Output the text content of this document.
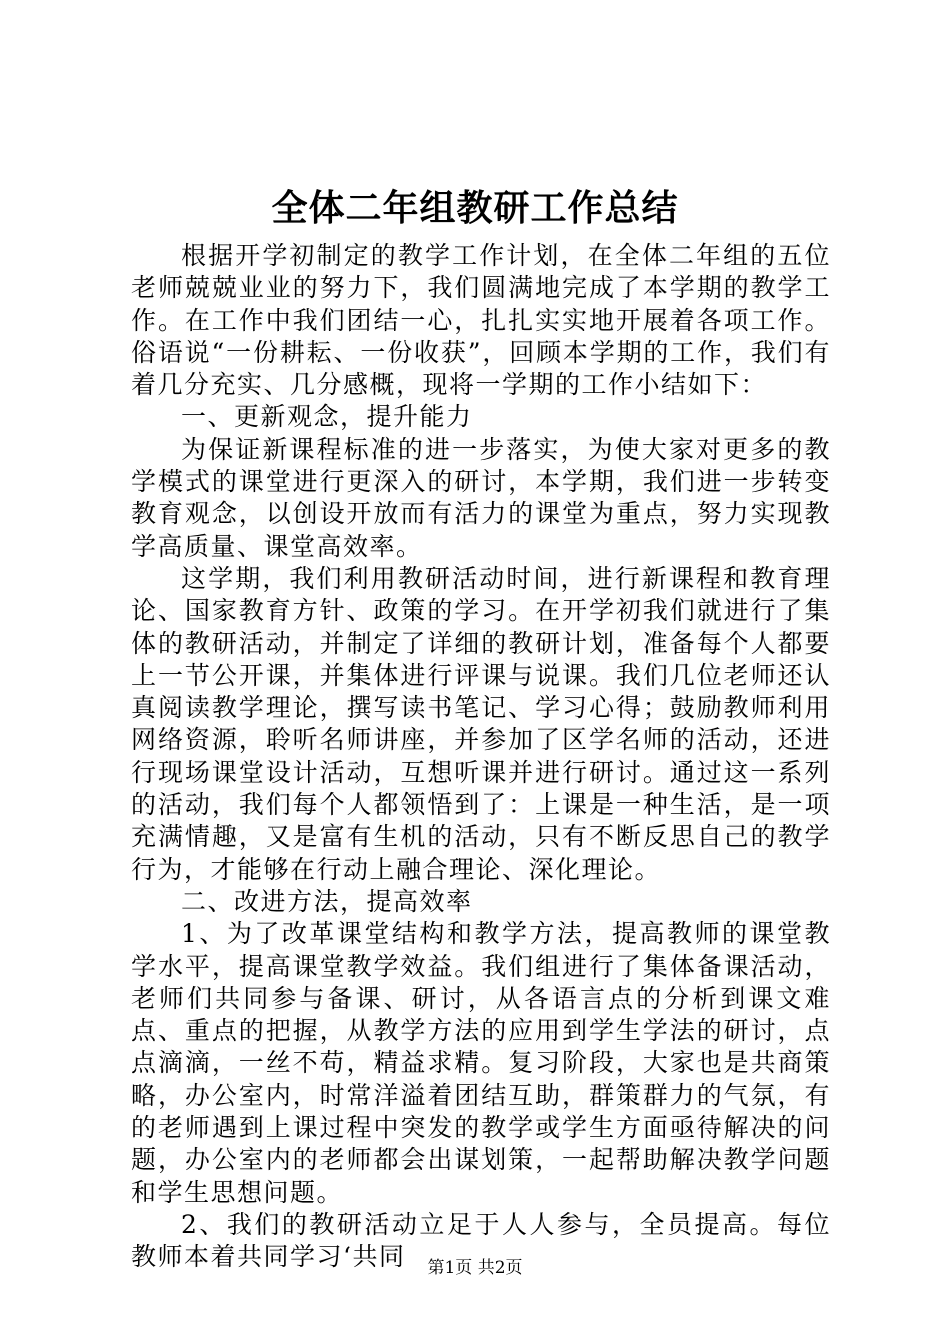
全体二年组教研工作总结

根据开学初制定的教学工作计划，在全体二年组的五位老师兢兢业业的努力下，我们圆满地完成了本学期的教学工作。在工作中我们团结一心，扎扎实实地开展着各项工作。俗语说“一份耕耘、一份收获”，回顾本学期的工作，我们有着几分充实、几分感概，现将一学期的工作小结如下：

一、更新观念，提升能力

为保证新课程标准的进一步落实，为使大家对更多的教学模式的课堂进行更深入的研讨，本学期，我们进一步转变教育观念，以创设开放而有活力的课堂为重点，努力实现教学高质量、课堂高效率。

这学期，我们利用教研活动时间，进行新课程和教育理论、国家教育方针、政策的学习。在开学初我们就进行了集体的教研活动，并制定了详细的教研计划，准备每个人都要上一节公开课，并集体进行评课与说课。我们几位老师还认真阅读教学理论，撰写读书笔记、学习心得；鼓励教师利用网络资源，聆听名师讲座，并参加了区学名师的活动，还进行现场课堂设计活动，互想听课并进行研讨。通过这一系列的活动，我们每个人都领悟到了：上课是一种生活，是一项充满情趣，又是富有生机的活动，只有不断反思自己的教学行为，才能够在行动上融合理论、深化理论。

二、改进方法，提高效率

1、为了改革课堂结构和教学方法，提高教师的课堂教学水平，提高课堂教学效益。我们组进行了集体备课活动，老师们共同参与备课、研讨，从各语言点的分析到课文难点、重点的把握，从教学方法的应用到学生学法的研讨，点点滴滴，一丝不苟，精益求精。复习阶段，大家也是共商策略，办公室内，时常洋溢着团结互助，群策群力的气氛，有的老师遇到上课过程中突发的教学或学生方面亟待解决的问题，办公室内的老师都会出谋划策，一起帮助解决教学问题和学生思想问题。

2、我们的教研活动立足于人人参与，全员提高。每位教师本着共同学习‘共同	第1页 共2页
